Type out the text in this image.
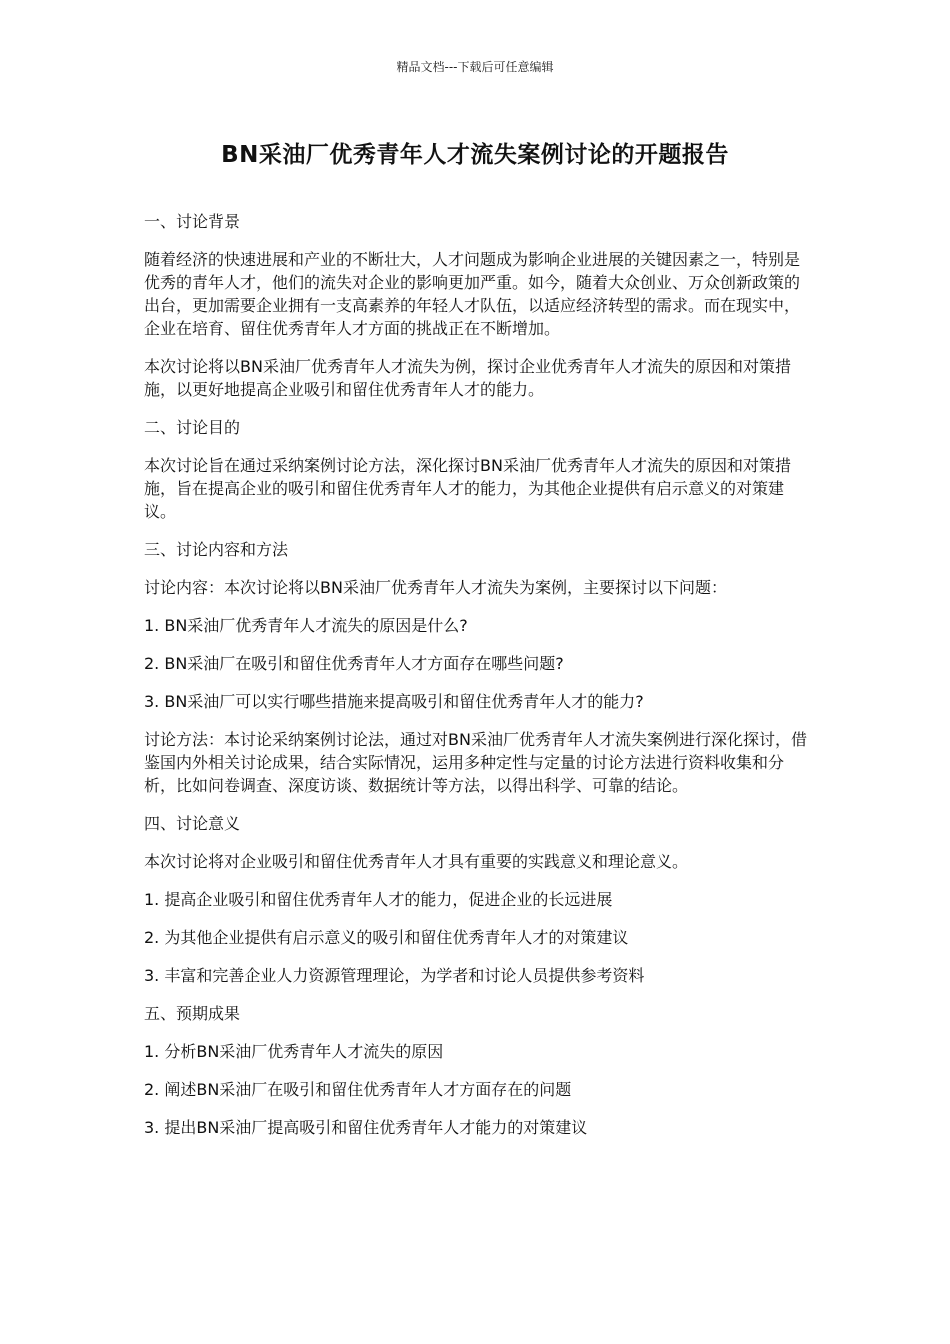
精品文档---下载后可任意编辑
BN采油厂优秀青年人才流失案例讨论的开题报告

一、讨论背景

随着经济的快速进展和产业的不断壮大，人才问题成为影响企业进展的关键因素之一，特别是优秀的青年人才，他们的流失对企业的影响更加严重。如今，随着大众创业、万众创新政策的出台，更加需要企业拥有一支高素养的年轻人才队伍，以适应经济转型的需求。而在现实中，企业在培育、留住优秀青年人才方面的挑战正在不断增加。

本次讨论将以BN采油厂优秀青年人才流失为例，探讨企业优秀青年人才流失的原因和对策措施，以更好地提高企业吸引和留住优秀青年人才的能力。

二、讨论目的

本次讨论旨在通过采纳案例讨论方法，深化探讨BN采油厂优秀青年人才流失的原因和对策措施，旨在提高企业的吸引和留住优秀青年人才的能力，为其他企业提供有启示意义的对策建议。

三、讨论内容和方法

讨论内容：本次讨论将以BN采油厂优秀青年人才流失为案例，主要探讨以下问题：

1. BN采油厂优秀青年人才流失的原因是什么?

2. BN采油厂在吸引和留住优秀青年人才方面存在哪些问题?

3. BN采油厂可以实行哪些措施来提高吸引和留住优秀青年人才的能力?

讨论方法：本讨论采纳案例讨论法，通过对BN采油厂优秀青年人才流失案例进行深化探讨，借鉴国内外相关讨论成果，结合实际情况，运用多种定性与定量的讨论方法进行资料收集和分析，比如问卷调查、深度访谈、数据统计等方法，以得出科学、可靠的结论。

四、讨论意义

本次讨论将对企业吸引和留住优秀青年人才具有重要的实践意义和理论意义。

1. 提高企业吸引和留住优秀青年人才的能力，促进企业的长远进展

2. 为其他企业提供有启示意义的吸引和留住优秀青年人才的对策建议

3. 丰富和完善企业人力资源管理理论，为学者和讨论人员提供参考资料

五、预期成果

1. 分析BN采油厂优秀青年人才流失的原因

2. 阐述BN采油厂在吸引和留住优秀青年人才方面存在的问题

3. 提出BN采油厂提高吸引和留住优秀青年人才能力的对策建议
